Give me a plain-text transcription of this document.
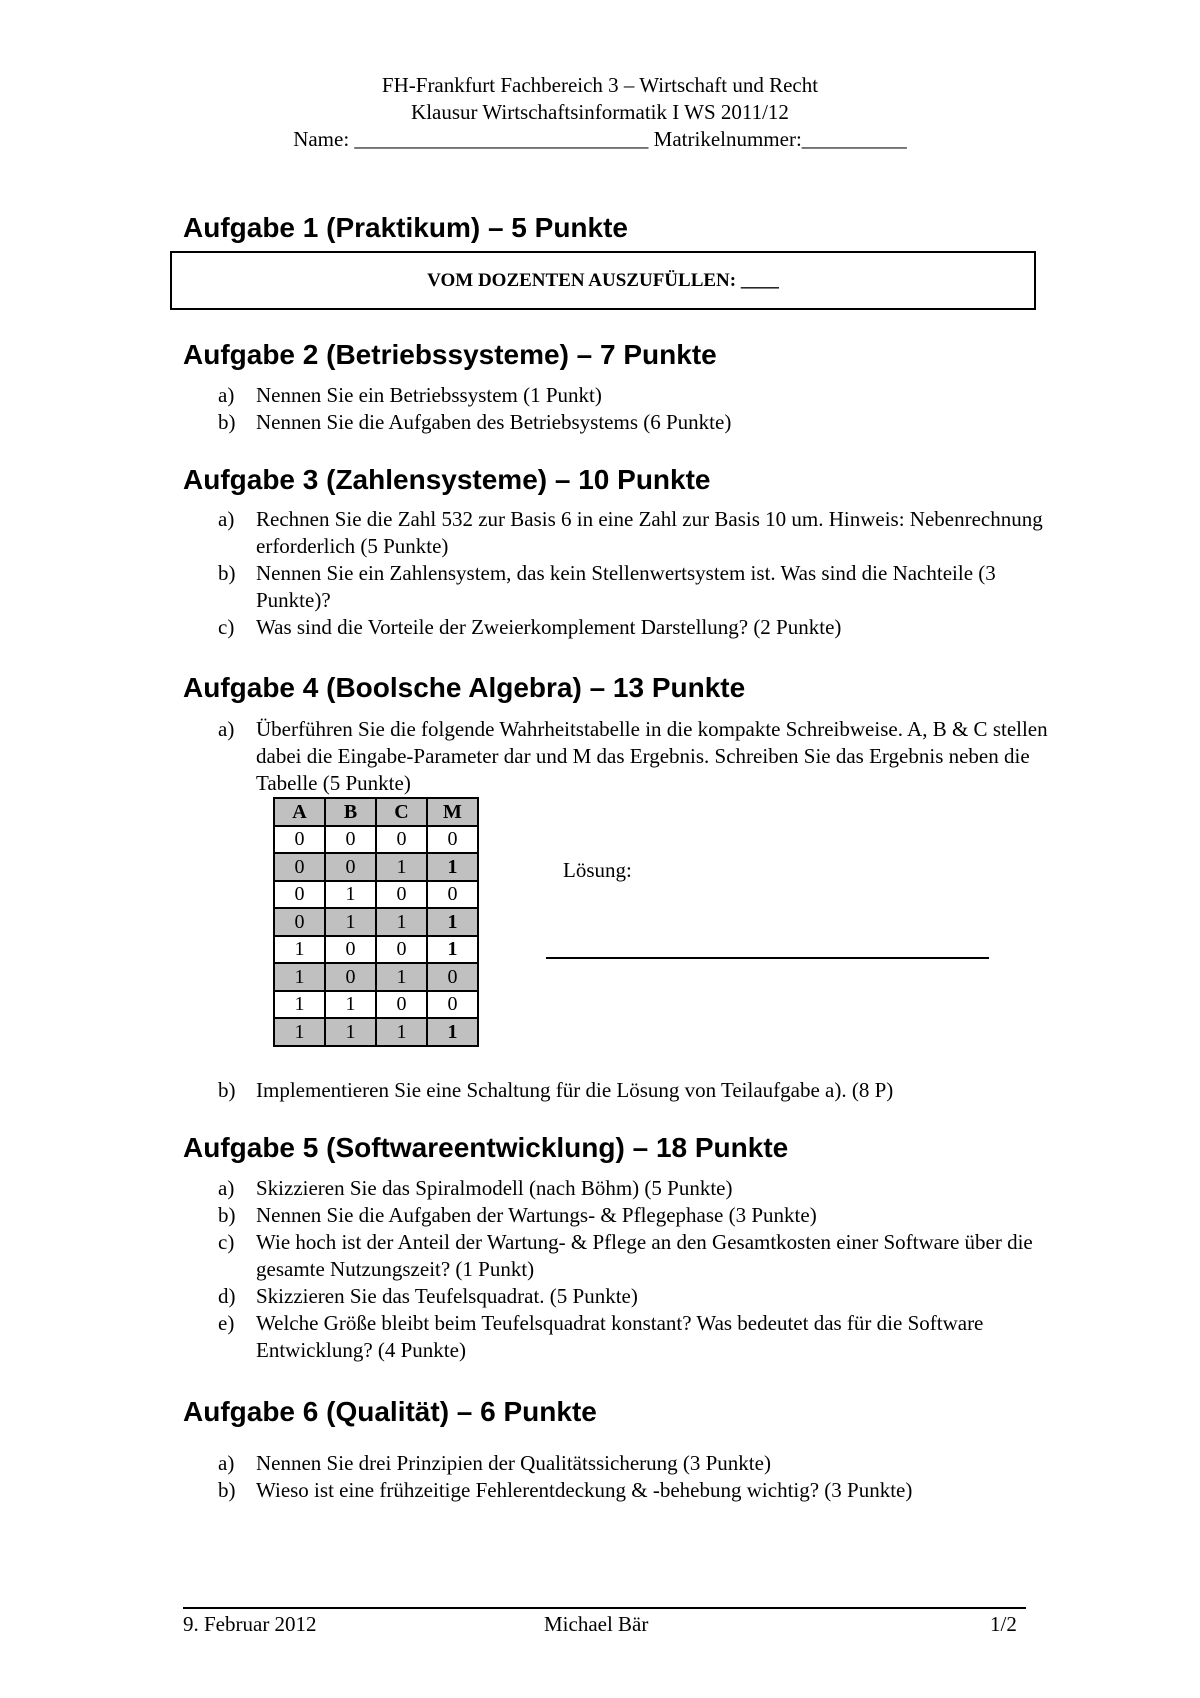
FH-Frankfurt Fachbereich 3 – Wirtschaft und Recht
Klausur Wirtschaftsinformatik I WS 2011/12
Name: ____________________________ Matrikelnummer:__________
Aufgabe 1 (Praktikum) – 5 Punkte
VOM DOZENTEN AUSZUFÜLLEN: ____
Aufgabe 2 (Betriebssysteme) – 7 Punkte
a) Nennen Sie ein Betriebssystem (1 Punkt)
b) Nennen Sie die Aufgaben des Betriebsystems (6 Punkte)
Aufgabe 3 (Zahlensysteme) – 10 Punkte
a) Rechnen Sie die Zahl 532 zur Basis 6 in eine Zahl zur Basis 10 um. Hinweis: Nebenrechnung erforderlich (5 Punkte)
b) Nennen Sie ein Zahlensystem, das kein Stellenwertsystem ist. Was sind die Nachteile (3 Punkte)?
c) Was sind die Vorteile der Zweierkomplement Darstellung? (2 Punkte)
Aufgabe 4 (Boolsche Algebra) – 13 Punkte
a) Überführen Sie die folgende Wahrheitstabelle in die kompakte Schreibweise. A, B & C stellen dabei die Eingabe-Parameter dar und M das Ergebnis. Schreiben Sie das Ergebnis neben die Tabelle (5 Punkte)
A	B	C	M
0	0	0	0
0	0	1	1
0	1	0	0
0	1	1	1
1	0	0	1
1	0	1	0
1	1	0	0
1	1	1	1
Lösung:
b) Implementieren Sie eine Schaltung für die Lösung von Teilaufgabe a). (8 P)
Aufgabe 5 (Softwareentwicklung) – 18 Punkte
a) Skizzieren Sie das Spiralmodell (nach Böhm) (5 Punkte)
b) Nennen Sie die Aufgaben der Wartungs- & Pflegephase (3 Punkte)
c) Wie hoch ist der Anteil der Wartung- & Pflege an den Gesamtkosten einer Software über die gesamte Nutzungszeit? (1 Punkt)
d) Skizzieren Sie das Teufelsquadrat. (5 Punkte)
e) Welche Größe bleibt beim Teufelsquadrat konstant? Was bedeutet das für die Software Entwicklung? (4 Punkte)
Aufgabe 6 (Qualität) – 6 Punkte
a) Nennen Sie drei Prinzipien der Qualitätssicherung (3 Punkte)
b) Wieso ist eine frühzeitige Fehlerentdeckung & -behebung wichtig? (3 Punkte)
9. Februar 2012	Michael Bär	1/2
